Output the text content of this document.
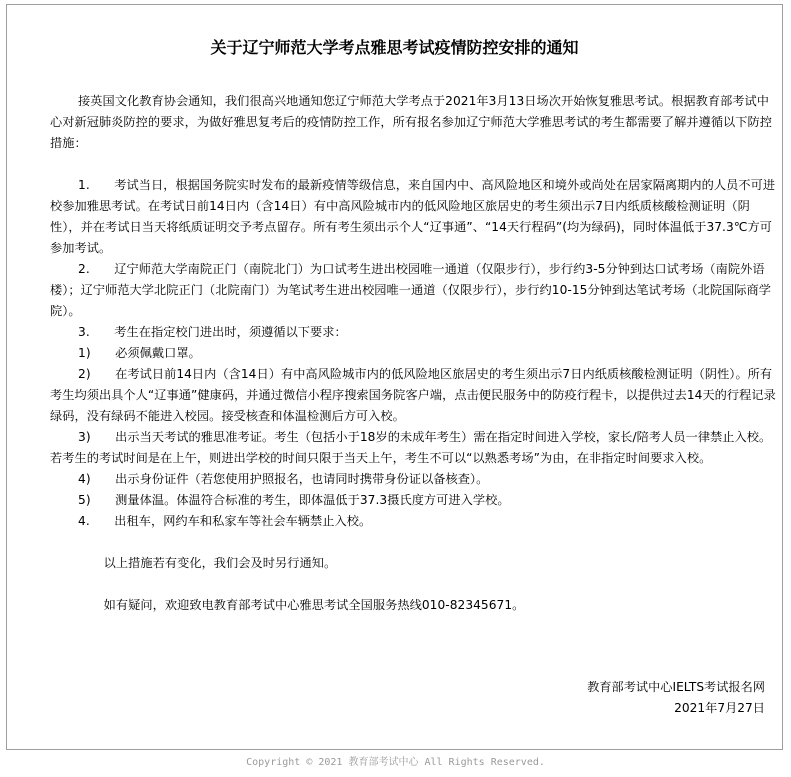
关于辽宁师范大学考点雅思考试疫情防控安排的通知

接英国文化教育协会通知，我们很高兴地通知您辽宁师范大学考点于2021年3月13日场次开始恢复雅思考试。根据教育部考试中心对新冠肺炎防控的要求，为做好雅思复考后的疫情防控工作，所有报名参加辽宁师范大学雅思考试的考生都需要了解并遵循以下防控措施：

1.　　考试当日，根据国务院实时发布的最新疫情等级信息，来自国内中、高风险地区和境外或尚处在居家隔离期内的人员不可进校参加雅思考试。在考试日前14日内（含14日）有中高风险城市内的低风险地区旅居史的考生须出示7日内纸质核酸检测证明（阴性），并在考试日当天将纸质证明交予考点留存。所有考生须出示个人“辽事通”、“14天行程码”(均为绿码)，同时体温低于37.3℃方可参加考试。

2.　　辽宁师范大学南院正门（南院北门）为口试考生进出校园唯一通道（仅限步行），步行约3-5分钟到达口试考场（南院外语楼）；辽宁师范大学北院正门（北院南门）为笔试考生进出校园唯一通道（仅限步行），步行约10-15分钟到达笔试考场（北院国际商学院）。

3.　　考生在指定校门进出时，须遵循以下要求：

1)　　必须佩戴口罩。

2)　　在考试日前14日内（含14日）有中高风险城市内的低风险地区旅居史的考生须出示7日内纸质核酸检测证明（阴性）。所有考生均须出具个人“辽事通”健康码，并通过微信小程序搜索国务院客户端，点击便民服务中的防疫行程卡，以提供过去14天的行程记录绿码，没有绿码不能进入校园。接受核查和体温检测后方可入校。

3)　　出示当天考试的雅思准考证。考生（包括小于18岁的未成年考生）需在指定时间进入学校，家长/陪考人员一律禁止入校。若考生的考试时间是在上午，则进出学校的时间只限于当天上午，考生不可以“以熟悉考场”为由，在非指定时间要求入校。

4)　　出示身份证件（若您使用护照报名，也请同时携带身份证以备核查）。

5)　　测量体温。体温符合标准的考生，即体温低于37.3摄氏度方可进入学校。

4.　　出租车，网约车和私家车等社会车辆禁止入校。

以上措施若有变化，我们会及时另行通知。

如有疑问，欢迎致电教育部考试中心雅思考试全国服务热线010-82345671。

教育部考试中心IELTS考试报名网

2021年7月27日

Copyright © 2021 教育部考试中心 All Rights Reserved.
